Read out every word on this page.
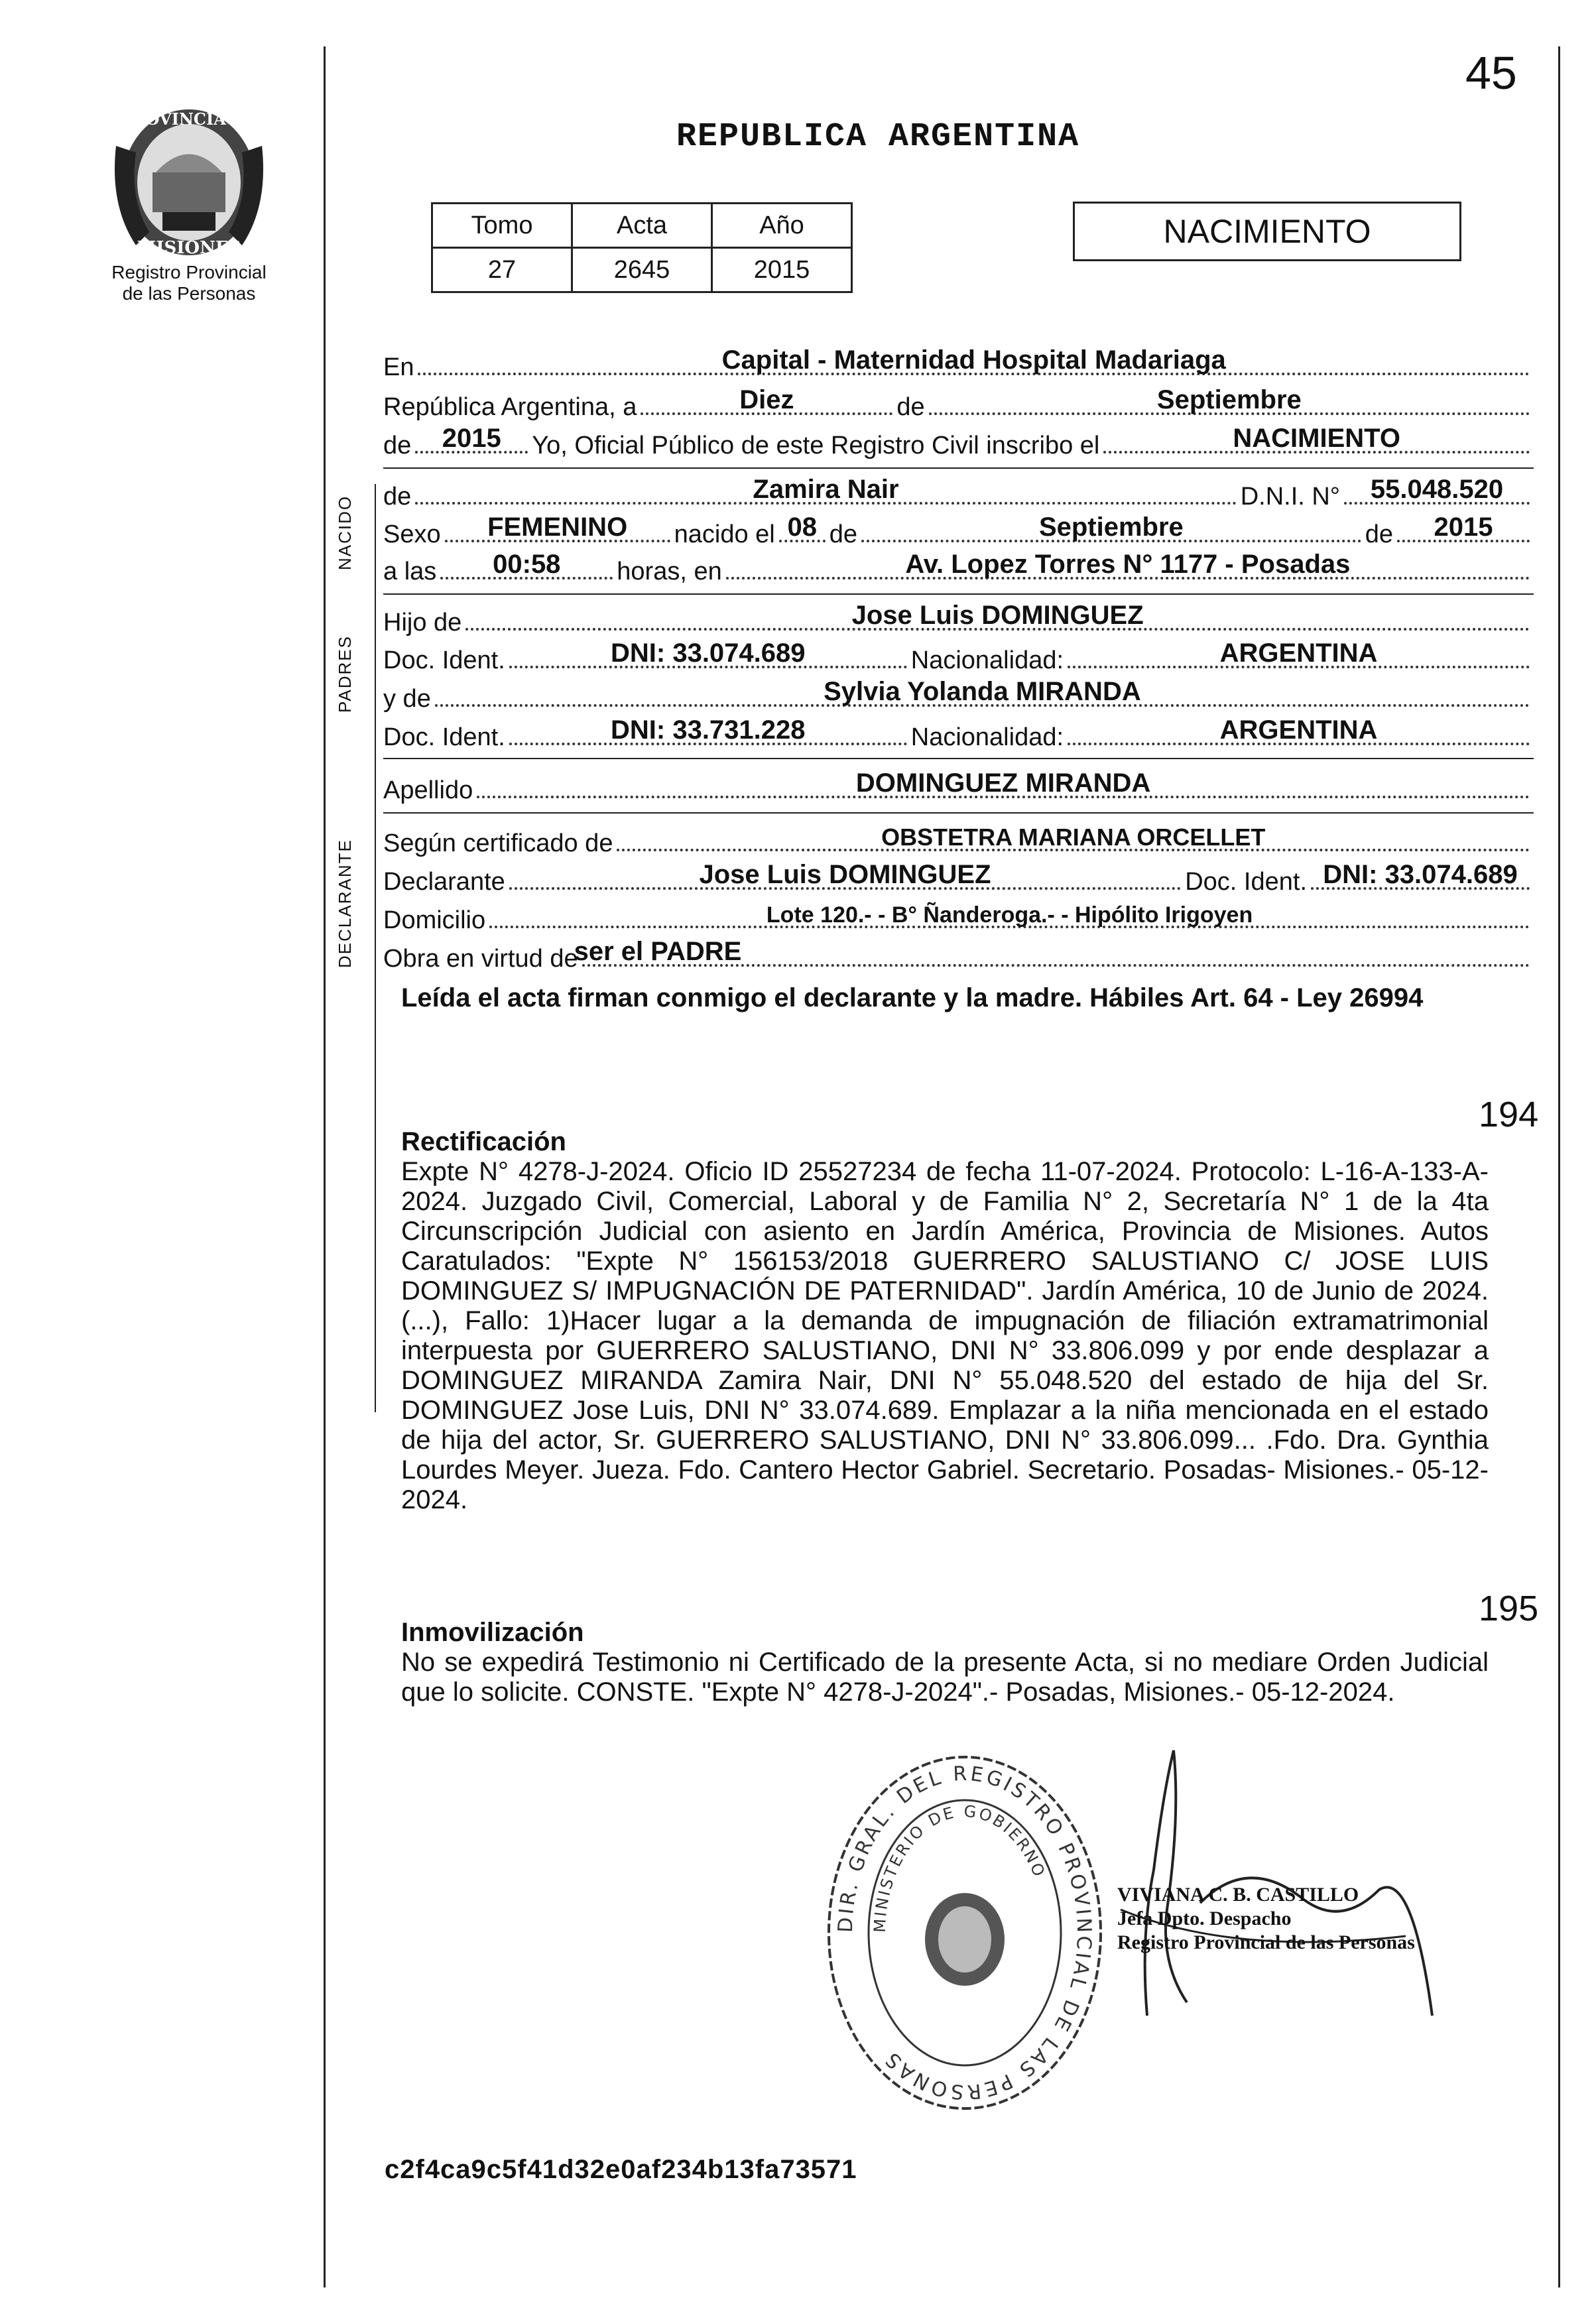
PROVINCIA DE
MISIONES
Registro Provincial
de las Personas
REPUBLICA ARGENTINA
45
Tomo	Acta	Año
27	2645	2015
NACIMIENTO
En	Capital - Maternidad Hospital Madariaga
República Argentina, a	Diez	de	Septiembre
de 2015 Yo, Oficial Público de este Registro Civil inscribo el	NACIMIENTO
NACIDO de	Zamira Nair	D.N.I. N° 55.048.520
Sexo FEMENINO nacido el 08 de	Septiembre	de 2015
a las 00:58 horas, en	Av. Lopez Torres N° 1177 - Posadas
PADRES
Hijo de	Jose Luis DOMINGUEZ
Doc. Ident.	DNI: 33.074.689	Nacionalidad:	ARGENTINA
y de	Sylvia Yolanda MIRANDA
Doc. Ident.	DNI: 33.731.228	Nacionalidad:	ARGENTINA
Apellido	DOMINGUEZ MIRANDA
DECLARANTE Según certificado de	OBSTETRA MARIANA ORCELLET
Declarante	Jose Luis DOMINGUEZ	Doc. Ident. DNI: 33.074.689
Domicilio	Lote 120.- - B° Ñanderoga.- - Hipólito Irigoyen
Obra en virtud de
ser el PADRE
Leída el acta firman conmigo el declarante y la madre. Hábiles Art. 64 - Ley 26994
194
Rectificación
Expte N° 4278-J-2024. Oficio ID 25527234 de fecha 11-07-2024. Protocolo: L-16-A-133-A-2024. Juzgado Civil, Comercial, Laboral y de Familia N° 2, Secretaría N° 1 de la 4ta Circunscripción Judicial con asiento en Jardín América, Provincia de Misiones. Autos Caratulados: "Expte N° 156153/2018 GUERRERO SALUSTIANO C/ JOSE LUIS DOMINGUEZ S/ IMPUGNACIÓN DE PATERNIDAD". Jardín América, 10 de Junio de 2024. (...), Fallo: 1)Hacer lugar a la demanda de impugnación de filiación extramatrimonial interpuesta por GUERRERO SALUSTIANO, DNI N° 33.806.099 y por ende desplazar a DOMINGUEZ MIRANDA Zamira Nair, DNI N° 55.048.520 del estado de hija del Sr. DOMINGUEZ Jose Luis, DNI N° 33.074.689. Emplazar a la niña mencionada en el estado de hija del actor, Sr. GUERRERO SALUSTIANO, DNI N° 33.806.099... .Fdo. Dra. Gynthia Lourdes Meyer. Jueza. Fdo. Cantero Hector Gabriel. Secretario. Posadas- Misiones.- 05-12-2024.
195
Inmovilización
No se expedirá Testimonio ni Certificado de la presente Acta, si no mediare Orden Judicial que lo solicite. CONSTE. "Expte N° 4278-J-2024".- Posadas, Misiones.- 05-12-2024.
DIR. GRAL. DEL REGISTRO PROVINCIAL DE LAS PERSONAS
MINISTERIO DE GOBIERNO
VIVIANA C. B. CASTILLO
Jefa Dpto. Despacho
Registro Provincial de las Personas
c2f4ca9c5f41d32e0af234b13fa73571
